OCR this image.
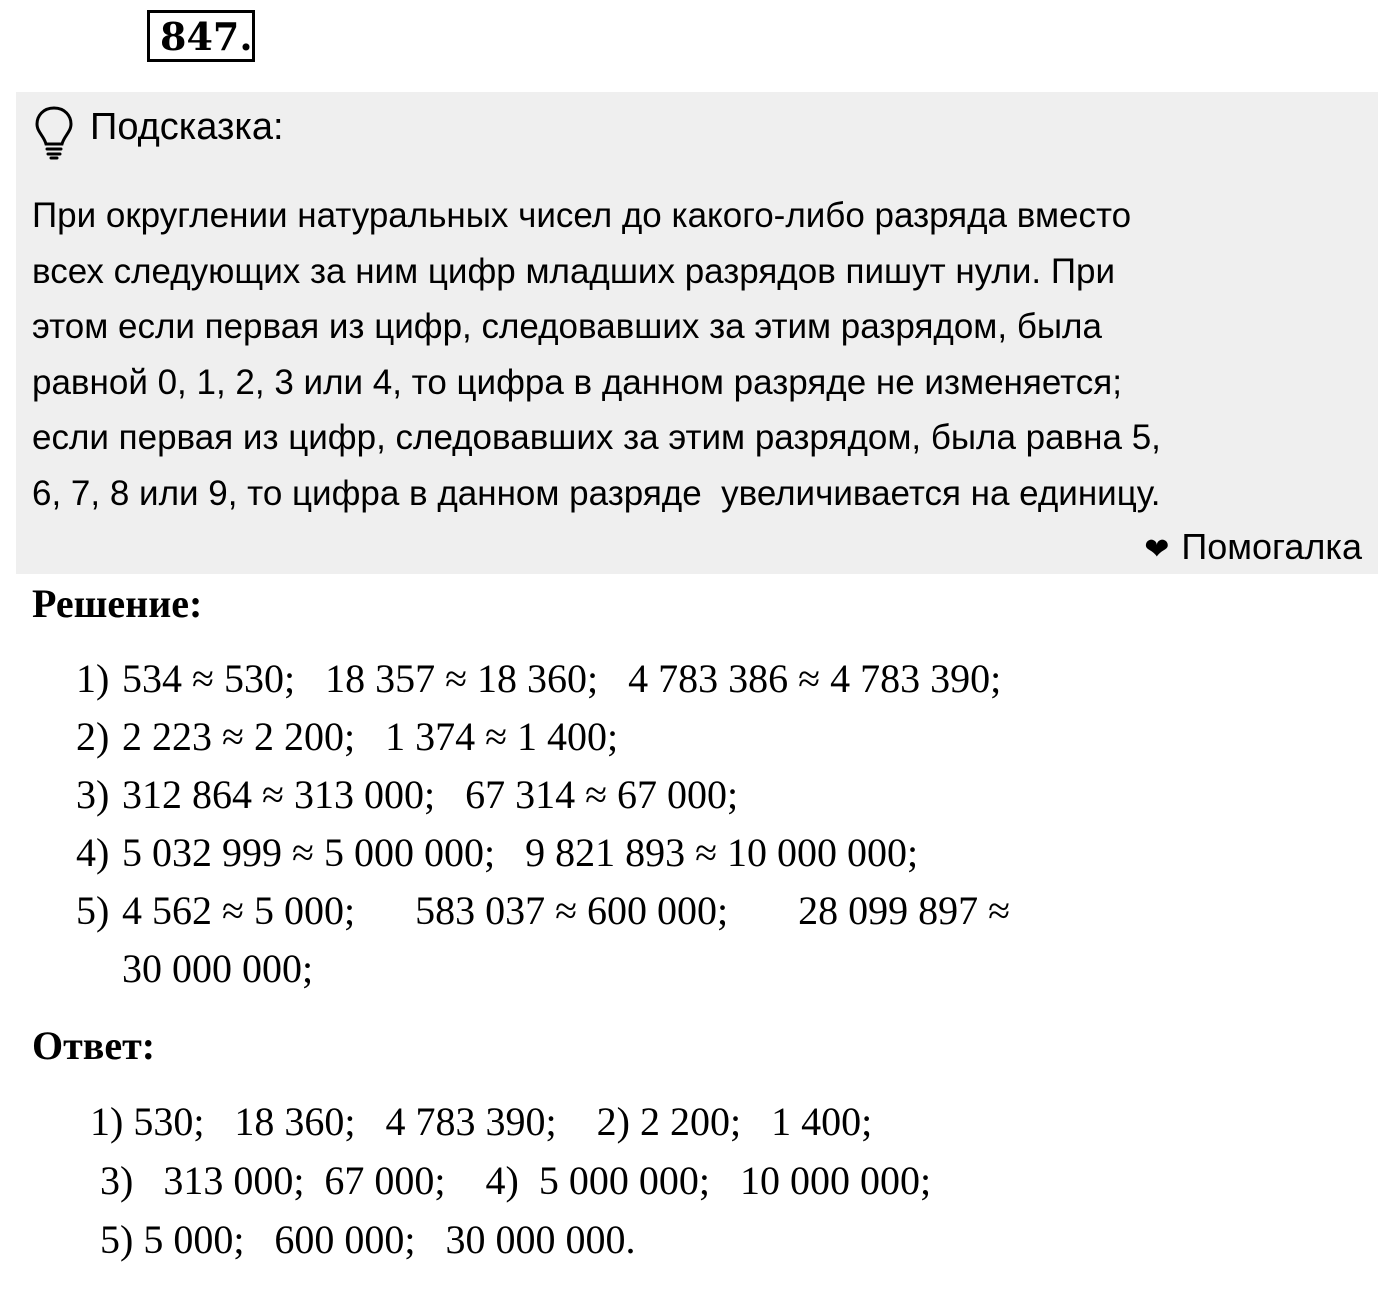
847.
Подсказка:

При округлении натуральных чисел до какого-либо разряда вместо
всех следующих за ним цифр младших разрядов пишут нули. При
этом если первая из цифр, следовавших за этим разрядом, была
равной 0, 1, 2, 3 или 4, то цифра в данном разряде не изменяется;
если первая из цифр, следовавших за этим разрядом, была равна 5,
6, 7, 8 или 9, то цифра в данном разряде  увеличивается на единицу.

❤ Помогалка
Решение:
1) 534 ≈ 530;   18 357 ≈ 18 360;   4 783 386 ≈ 4 783 390;
2) 2 223 ≈ 2 200;   1 374 ≈ 1 400;
3) 312 864 ≈ 313 000;   67 314 ≈ 67 000;
4) 5 032 999 ≈ 5 000 000;   9 821 893 ≈ 10 000 000;
5) 4 562 ≈ 5 000;      583 037 ≈ 600 000;       28 099 897 ≈
30 000 000;
Ответ:
1) 530;   18 360;   4 783 390;    2) 2 200;   1 400;
3)   313 000;  67 000;    4)  5 000 000;   10 000 000;
5) 5 000;   600 000;   30 000 000.
